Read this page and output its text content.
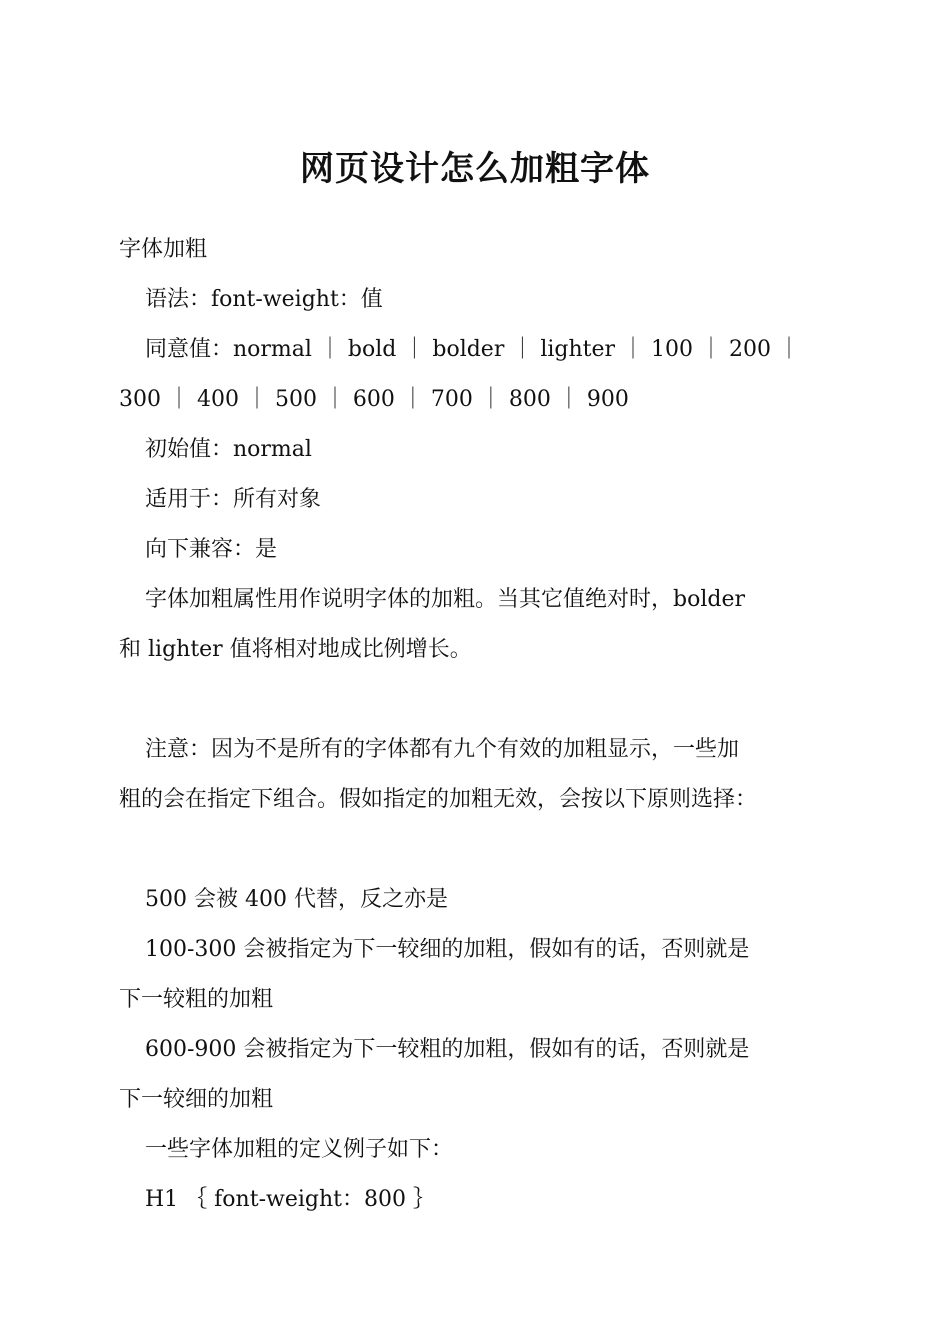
网页设计怎么加粗字体
字体加粗
语法：font-weight：值
同意值：normal ｜ bold ｜ bolder ｜ lighter ｜ 100 ｜ 200 ｜
300 ｜ 400 ｜ 500 ｜ 600 ｜ 700 ｜ 800 ｜ 900
初始值：normal
适用于：所有对象
向下兼容：是
字体加粗属性用作说明字体的加粗。当其它值绝对时，bolder
和 lighter 值将相对地成比例增长。
注意：因为不是所有的字体都有九个有效的加粗显示，一些加
粗的会在指定下组合。假如指定的加粗无效，会按以下原则选择：
500 会被 400 代替，反之亦是
100-300 会被指定为下一较细的加粗，假如有的话，否则就是
下一较粗的加粗
600-900 会被指定为下一较粗的加粗，假如有的话，否则就是
下一较细的加粗
一些字体加粗的定义例子如下：
H1 ｛ font-weight：800 ｝
